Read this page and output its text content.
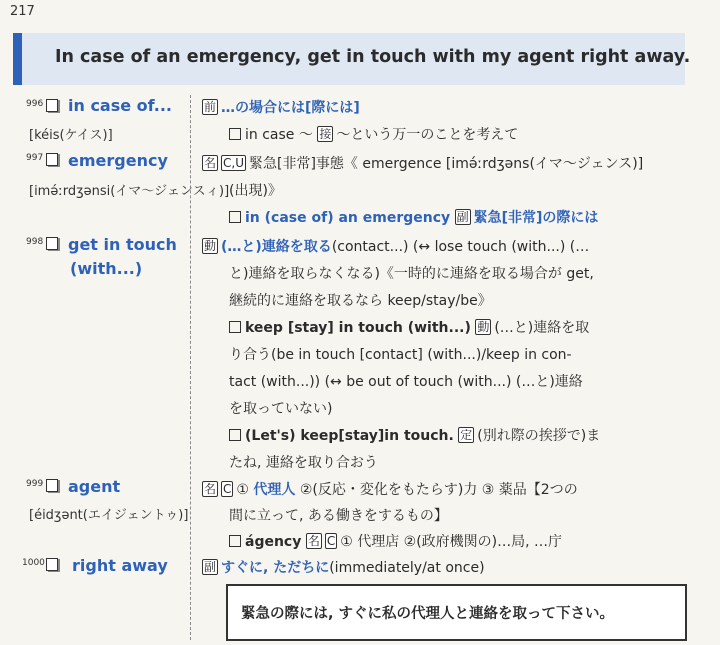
217
In case of an emergency, get in touch with my agent right away.
996 in case of...
[kéis(ケイス)]
前 …の場合には[際には]
in case 〜 接 〜という万一のことを考えて
997 emergency
[imə́ːrdʒənsi(イマ～ジェンスィ)]
名 C,U 緊急[非常]事態《 emergence [imə́ːrdʒəns(イマ～ジェンス)]
(出現)》
in (case of) an emergency 副 緊急[非常]の際には
998 get in touch
(with...)
動 (…と)連絡を取る(contact...) (↔ lose touch (with...) (…
と)連絡を取らなくなる)《一時的に連絡を取る場合が get,
継続的に連絡を取るなら keep/stay/be》
keep [stay] in touch (with...) 動 (…と)連絡を取
り合う(be in touch [contact] (with...)/keep in con-
tact (with...)) (↔ be out of touch (with...) (…と)連絡
を取っていない)
(Let's) keep[stay]in touch. 定 (別れ際の挨拶で)ま
たね, 連絡を取り合おう
999 agent
[éidʒənt(エイジェントゥ)]
名 C ① 代理人 ②(反応・変化をもたらす)力 ③ 薬品【2つの
間に立って, ある働きをするもの】
ágency 名 C ① 代理店 ②(政府機関の)…局, …庁
1000 right away	副 すぐに, ただちに(immediately/at once)
緊急の際には, すぐに私の代理人と連絡を取って下さい。
